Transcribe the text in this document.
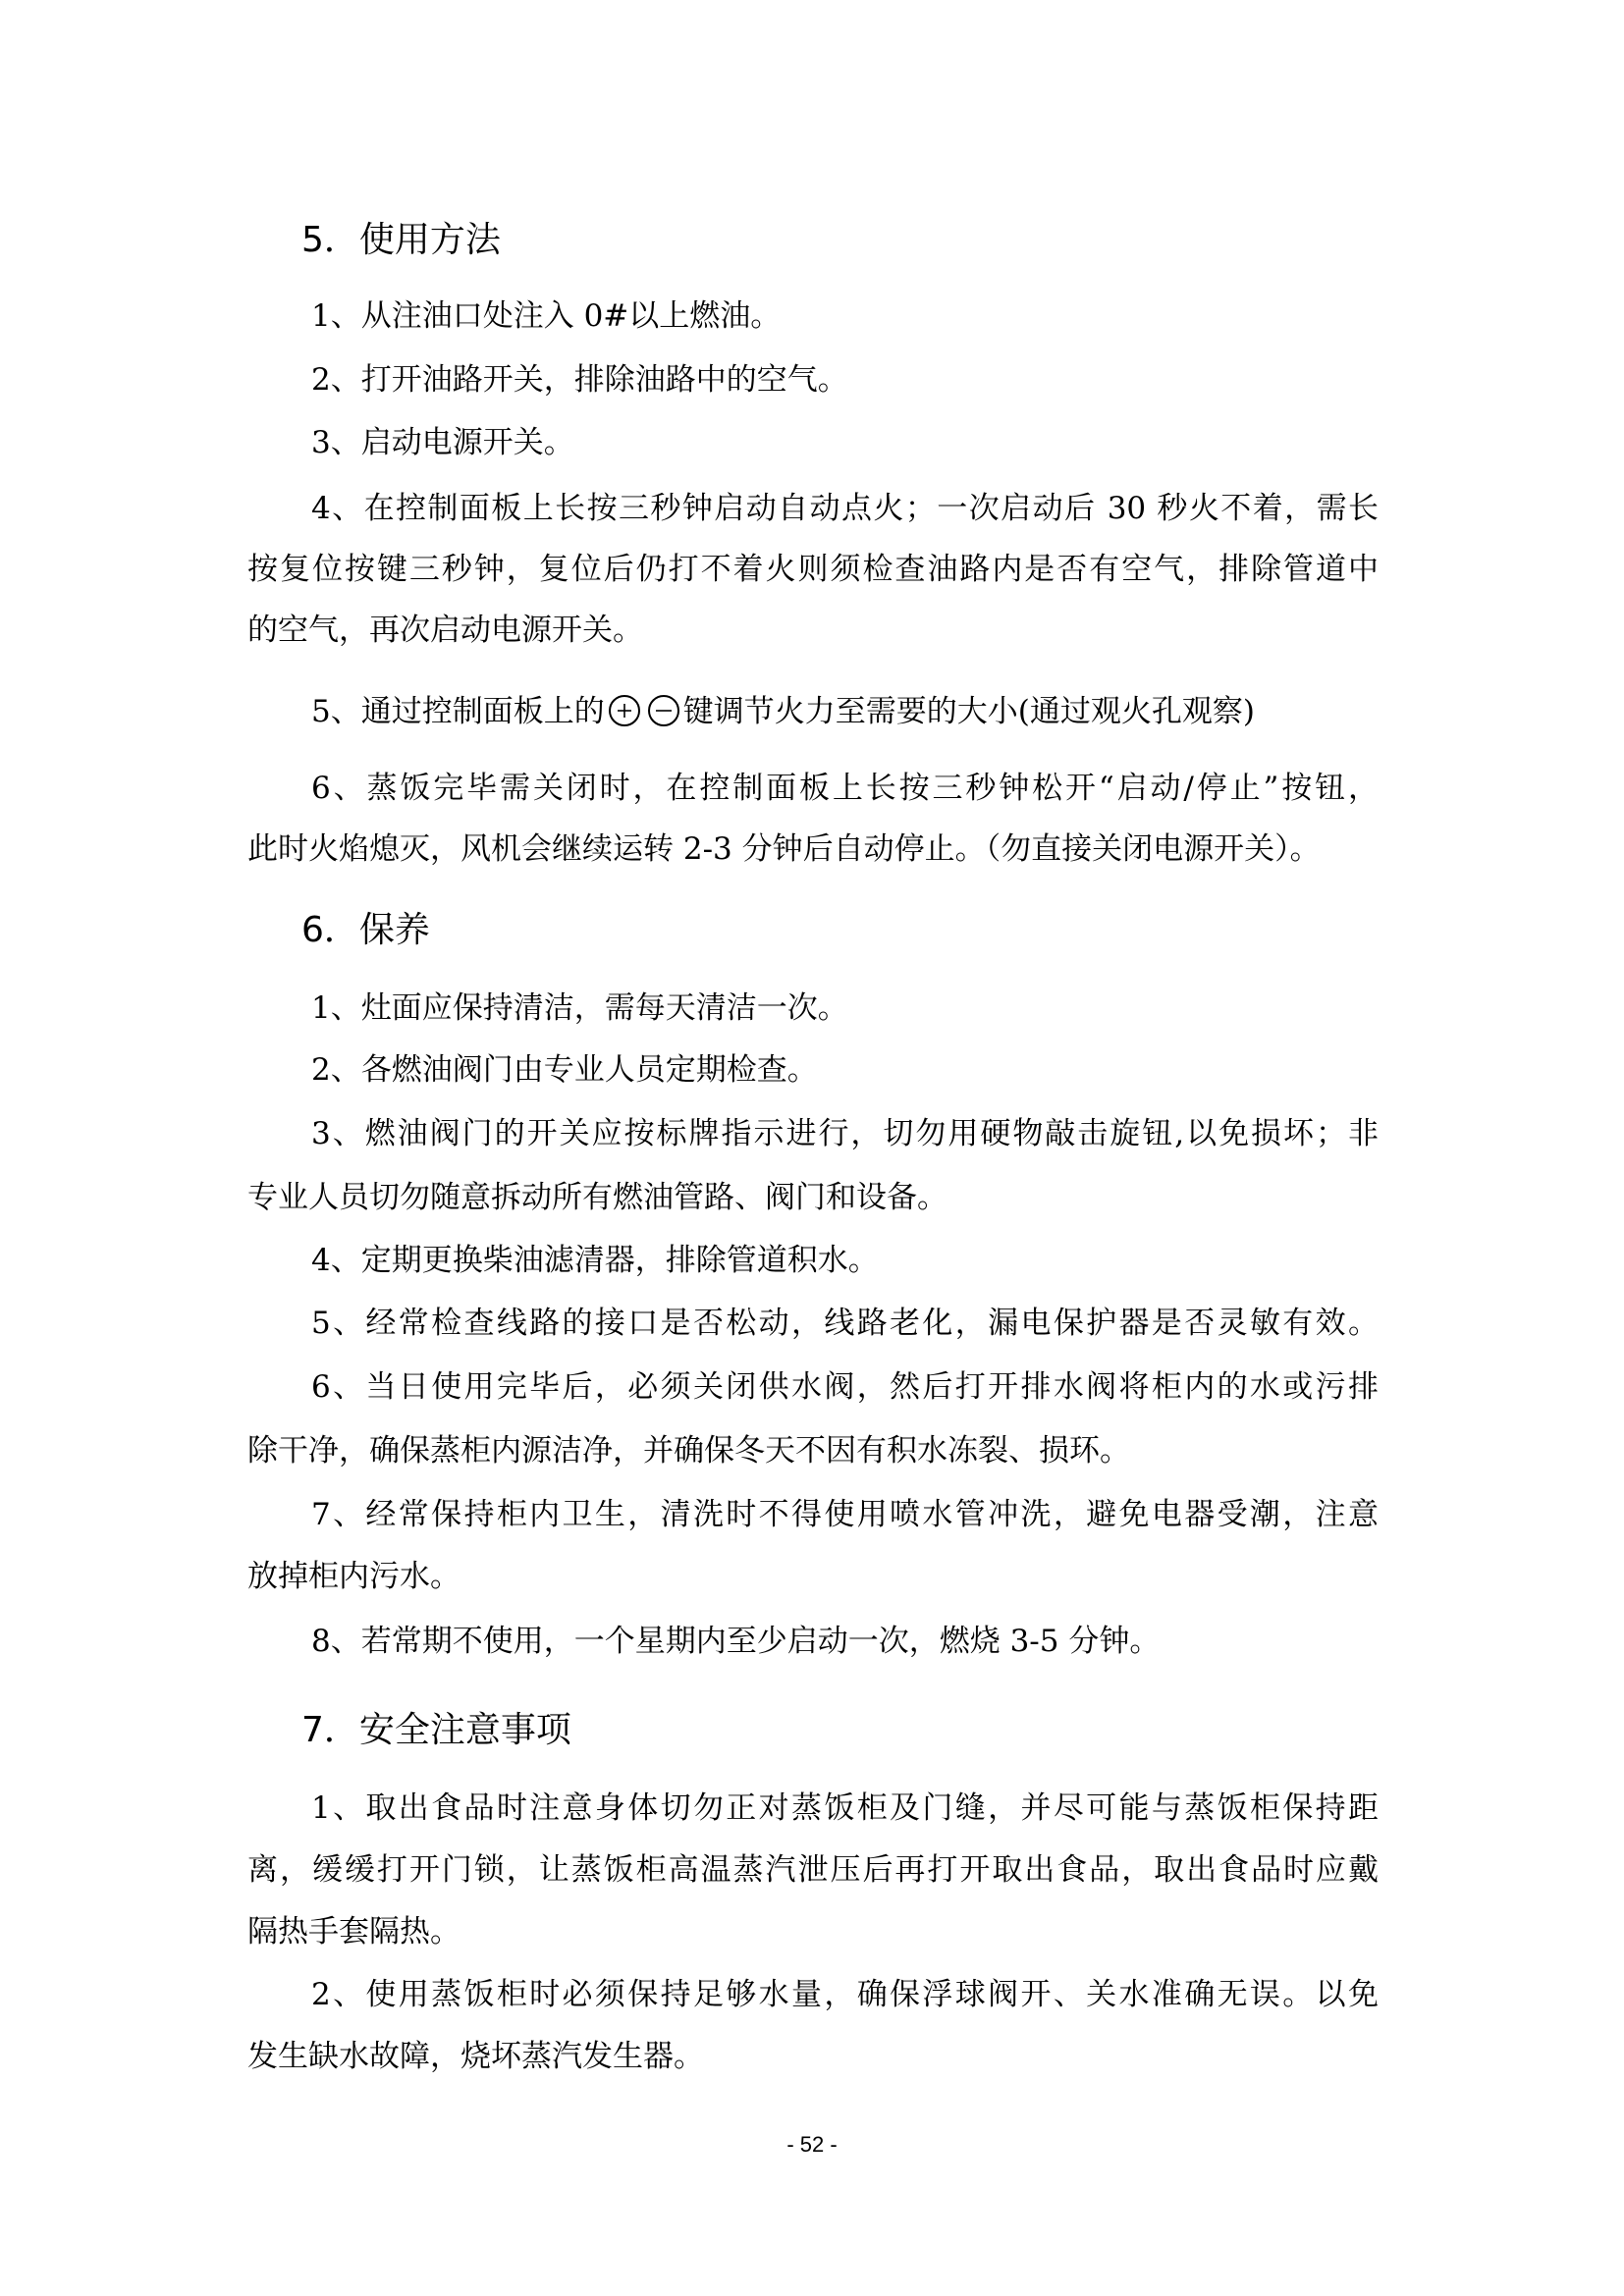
5．使用方法
1、从注油口处注入 0#以上燃油。
2、打开油路开关，排除油路中的空气。
3、启动电源开关。
4、在控制面板上长按三秒钟启动自动点火；一次启动后 30 秒火不着，需长
按复位按键三秒钟，复位后仍打不着火则须检查油路内是否有空气，排除管道中
的空气，再次启动电源开关。
5、通过控制面板上的	键调节火力至需要的大小(通过观火孔观察)
6、蒸饭完毕需关闭时，在控制面板上长按三秒钟松开“启动/停止”按钮，
此时火焰熄灭，风机会继续运转 2-3 分钟后自动停止。（勿直接关闭电源开关）。
6．保养
1、灶面应保持清洁，需每天清洁一次。
2、各燃油阀门由专业人员定期检查。
3、燃油阀门的开关应按标牌指示进行，切勿用硬物敲击旋钮,以免损坏；非
专业人员切勿随意拆动所有燃油管路、阀门和设备。
4、定期更换柴油滤清器，排除管道积水。
5、经常检查线路的接口是否松动，线路老化，漏电保护器是否灵敏有效。
6、当日使用完毕后，必须关闭供水阀，然后打开排水阀将柜内的水或污排
除干净，确保蒸柜内源洁净，并确保冬天不因有积水冻裂、损环。
7、经常保持柜内卫生，清洗时不得使用喷水管冲洗，避免电器受潮，注意
放掉柜内污水。
8、若常期不使用，一个星期内至少启动一次，燃烧 3-5 分钟。
7．安全注意事项
1、取出食品时注意身体切勿正对蒸饭柜及门缝，并尽可能与蒸饭柜保持距
离，缓缓打开门锁，让蒸饭柜高温蒸汽泄压后再打开取出食品，取出食品时应戴
隔热手套隔热。
2、使用蒸饭柜时必须保持足够水量，确保浮球阀开、关水准确无误。以免
发生缺水故障，烧坏蒸汽发生器。
- 52 -
